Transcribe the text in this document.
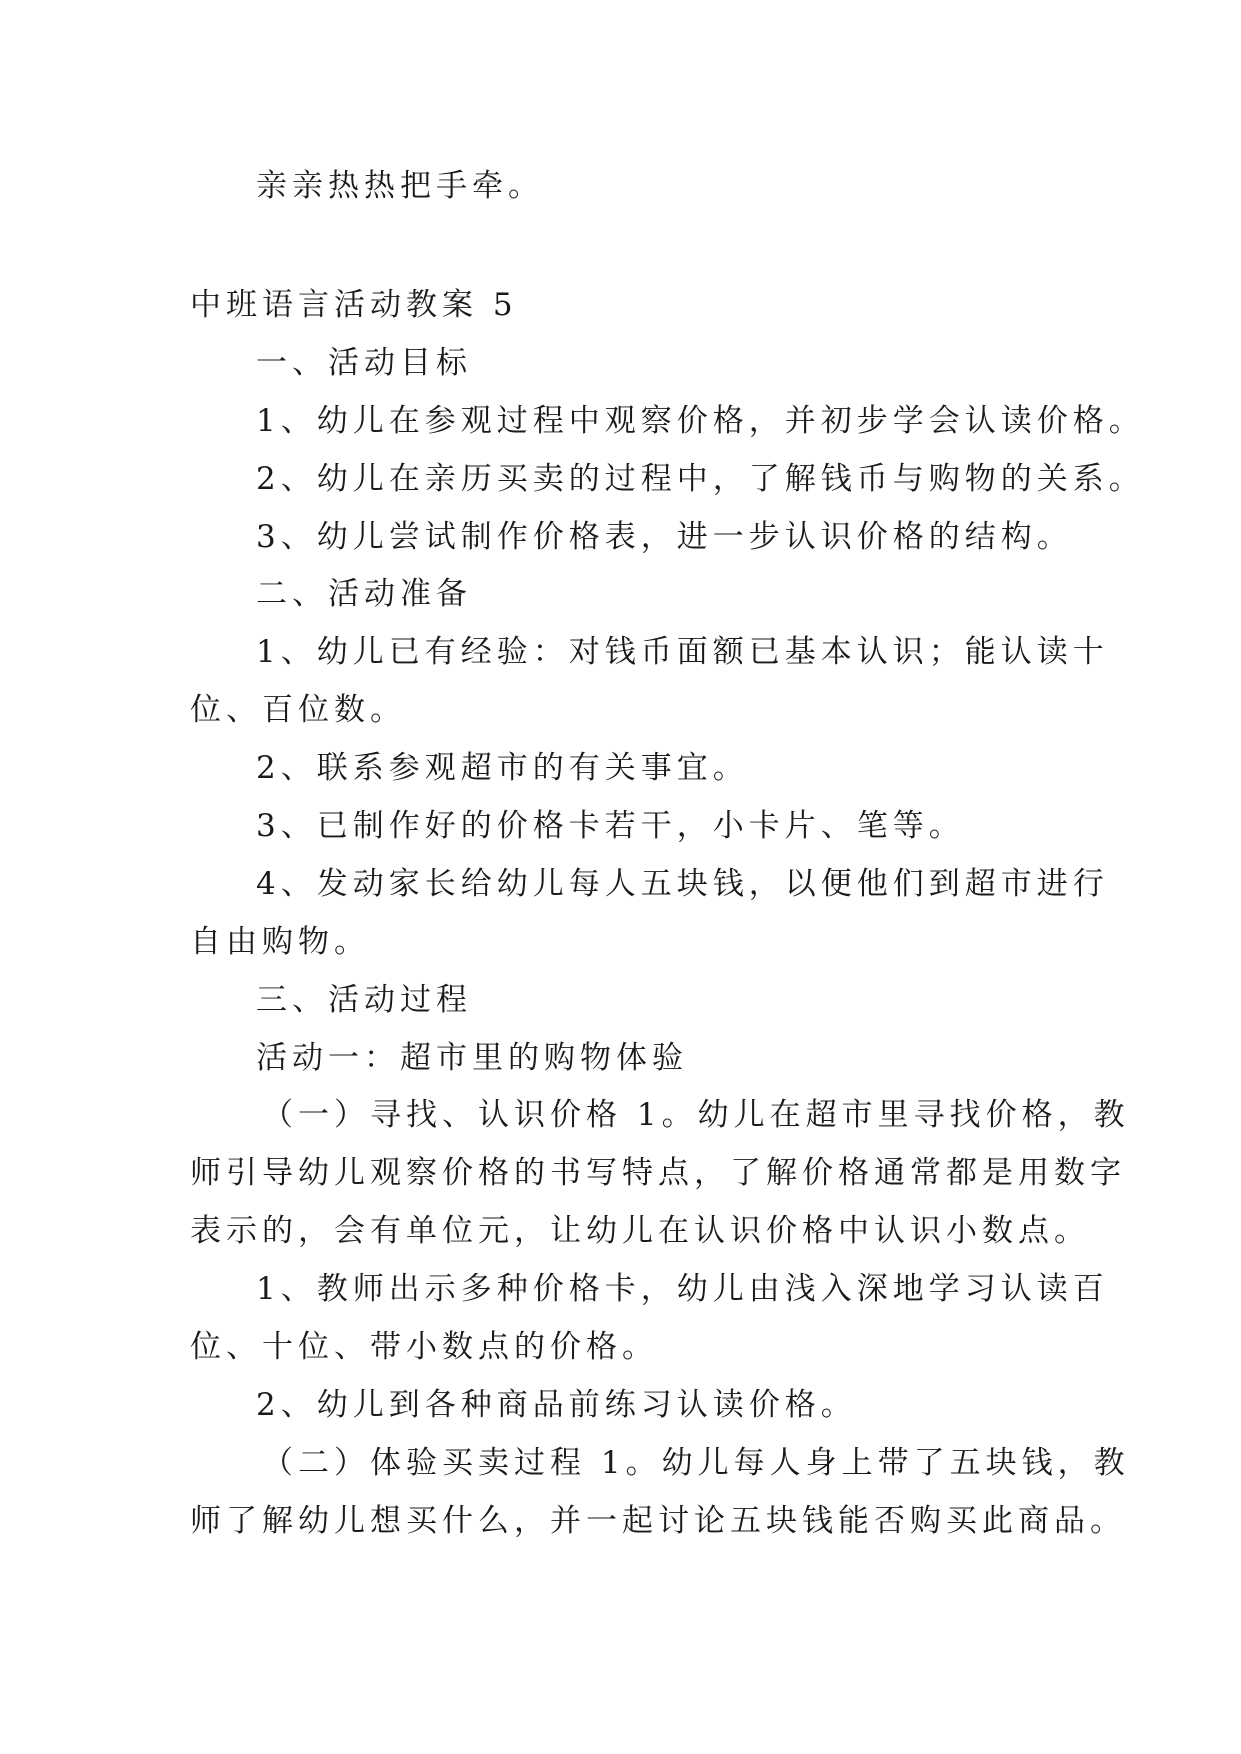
亲亲热热把手牵。
中班语言活动教案 5
一、活动目标
1、幼儿在参观过程中观察价格，并初步学会认读价格。
2、幼儿在亲历买卖的过程中，了解钱币与购物的关系。
3、幼儿尝试制作价格表，进一步认识价格的结构。
二、活动准备
1、幼儿已有经验：对钱币面额已基本认识；能认读十
位、百位数。
2、联系参观超市的有关事宜。
3、已制作好的价格卡若干，小卡片、笔等。
4、发动家长给幼儿每人五块钱，以便他们到超市进行
自由购物。
三、活动过程
活动一：超市里的购物体验
（一）寻找、认识价格 1。幼儿在超市里寻找价格，教
师引导幼儿观察价格的书写特点，了解价格通常都是用数字
表示的，会有单位元，让幼儿在认识价格中认识小数点。
1、教师出示多种价格卡，幼儿由浅入深地学习认读百
位、十位、带小数点的价格。
2、幼儿到各种商品前练习认读价格。
（二）体验买卖过程 1。幼儿每人身上带了五块钱，教
师了解幼儿想买什么，并一起讨论五块钱能否购买此商品。
